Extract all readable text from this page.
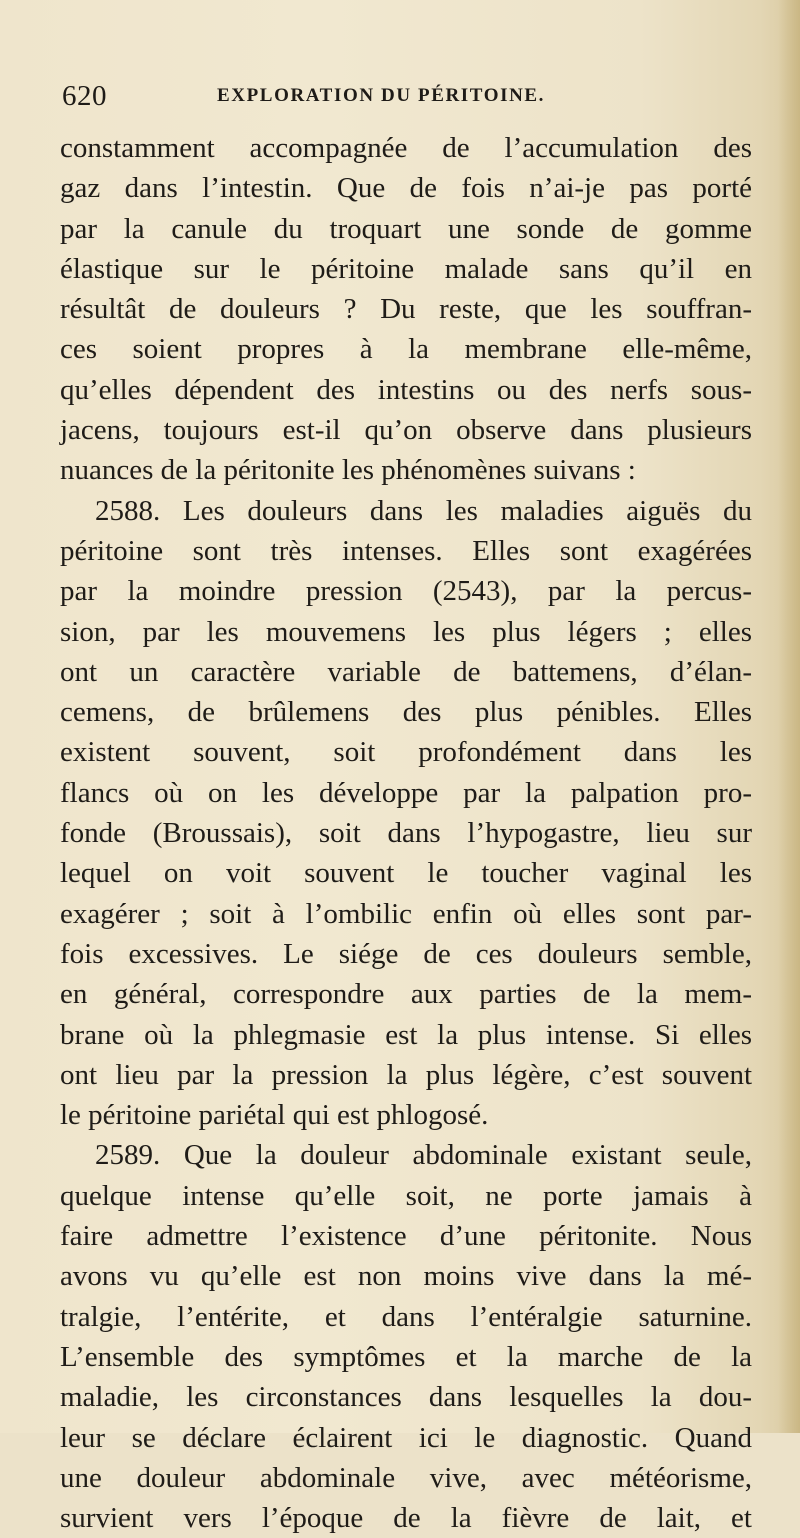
620	EXPLORATION DU PÉRITOINE.
constamment accompagnée de l’accumulation des
gaz dans l’intestin. Que de fois n’ai-je pas porté
par la canule du troquart une sonde de gomme
élastique sur le péritoine malade sans qu’il en
résultât de douleurs ? Du reste, que les souffran-
ces soient propres à la membrane elle-même,
qu’elles dépendent des intestins ou des nerfs sous-
jacens, toujours est-il qu’on observe dans plusieurs
nuances de la péritonite les phénomènes suivans :
2588. Les douleurs dans les maladies aiguës du
péritoine sont très intenses. Elles sont exagérées
par la moindre pression (2543), par la percus-
sion, par les mouvemens les plus légers ; elles
ont un caractère variable de battemens, d’élan-
cemens, de brûlemens des plus pénibles. Elles
existent souvent, soit profondément dans les
flancs où on les développe par la palpation pro-
fonde (Broussais), soit dans l’hypogastre, lieu sur
lequel on voit souvent le toucher vaginal les
exagérer ; soit à l’ombilic enfin où elles sont par-
fois excessives. Le siége de ces douleurs semble,
en général, correspondre aux parties de la mem-
brane où la phlegmasie est la plus intense. Si elles
ont lieu par la pression la plus légère, c’est souvent
le péritoine pariétal qui est phlogosé.
2589. Que la douleur abdominale existant seule,
quelque intense qu’elle soit, ne porte jamais à
faire admettre l’existence d’une péritonite. Nous
avons vu qu’elle est non moins vive dans la mé-
tralgie, l’entérite, et dans l’entéralgie saturnine.
L’ensemble des symptômes et la marche de la
maladie, les circonstances dans lesquelles la dou-
leur se déclare éclairent ici le diagnostic. Quand
une douleur abdominale vive, avec météorisme,
survient vers l’époque de la fièvre de lait, et
